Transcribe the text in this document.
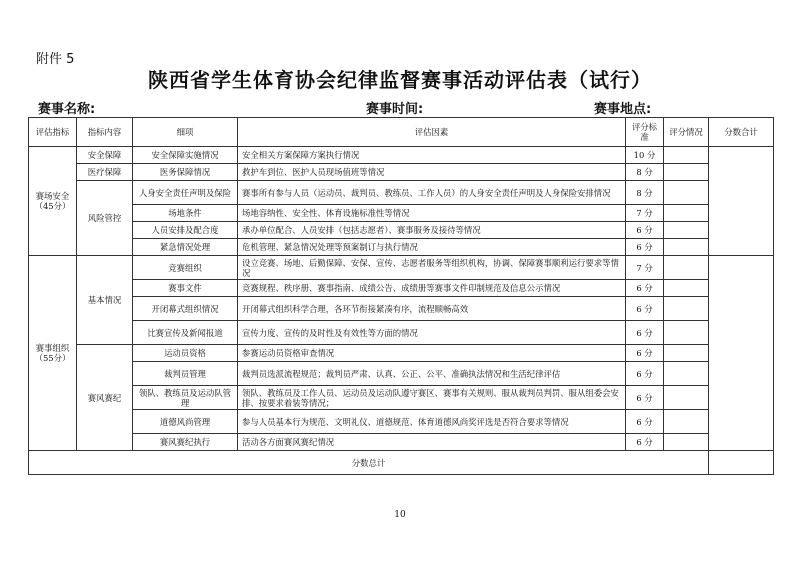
附件 5
陕西省学生体育协会纪律监督赛事活动评估表（试行）
赛事名称:	赛事时间:	赛事地点:
评估指标	指标内容	细项	评估因素	评分标准	评分情况	分数合计
赛场安全（45分）	安全保障	安全保障实施情况	安全相关方案保障方案执行情况	10 分		
	医疗保障	医务保障情况	救护车到位、医护人员现场值班等情况	8 分		
	风险管控	人身安全责任声明及保险	赛事所有参与人员（运动员、裁判员、教练员、工作人员）的人身安全责任声明及人身保险安排情况	8 分		
		场地条件	场地容纳性、安全性、体育设施标准性等情况	7 分		
		人员安排及配合度	承办单位配合、人员安排（包括志愿者）、赛事服务及接待等情况	6 分		
		紧急情况处理	危机管理、紧急情况处理等预案制订与执行情况	6 分		
赛事组织（55分）	基本情况	竞赛组织	设立竞赛、场地、后勤保障、安保、宣传、志愿者服务等组织机构，协调、保障赛事顺利运行要求等情况	7 分		
		赛事文件	竞赛规程、秩序册、赛事指南、成绩公告、成绩册等赛事文件印制规范及信息公示情况	6 分		
		开闭幕式组织情况	开闭幕式组织科学合理，各环节衔接紧凑有序，流程顺畅高效	6 分		
		比赛宣传及新闻报道	宣传力度、宣传的及时性及有效性等方面的情况	6 分		
	赛风赛纪	运动员资格	参赛运动员资格审查情况	6 分		
		裁判员管理	裁判员选派流程规范；裁判员严肃、认真、公正、公平、准确执法情况和生活纪律评估	6 分		
		领队、教练员及运动队管理	领队、教练员及工作人员、运动员及运动队遵守赛区、赛事有关规则、服从裁判员判罚、服从组委会安排、按要求着装等情况；	6 分		
		道德风尚管理	参与人员基本行为规范、文明礼仪、道德规范、体育道德风尚奖评选是否符合要求等情况	6 分		
		赛风赛纪执行	活动各方面赛风赛纪情况	6 分		
分数总计						
10
